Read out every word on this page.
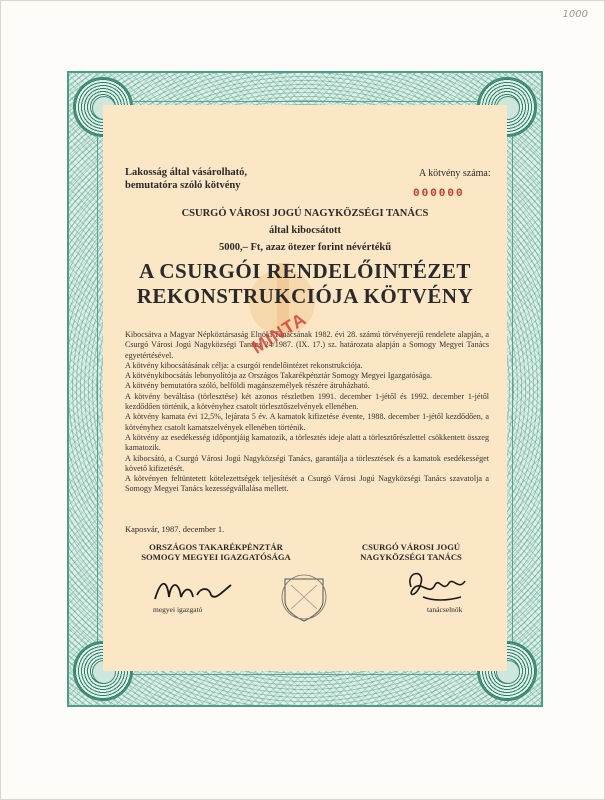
1000
Lakosság által vásárolható,
bemutatóra szóló kötvény
A kötvény száma:
000000
CSURGÓ VÁROSI JOGÚ NAGYKÖZSÉGI TANÁCS
által kibocsátott
5000,– Ft, azaz ötezer forint névértékű
A CSURGÓI RENDELŐINTÉZET
REKONSTRUKCIÓJA KÖTVÉNY

Kibocsátva a Magyar Népköztársaság Elnöki Tanácsának 1982. évi 28. számú törvényerejű rendelete alapján, a Csurgó Városi Jogú Nagyközségi Tanács 24/1987. (IX. 17.) sz. határozata alapján a Somogy Megyei Tanács egyetértésével.

A kötvény kibocsátásának célja: a csurgói rendelőintézet rekonstrukciója.

A kötvénykibocsátás lebonyolítója az Országos Takarékpénztár Somogy Megyei Igazgatósága.

A kötvény bemutatóra szóló, belföldi magánszemélyek részére átruházható.

A kötvény beváltása (törlesztése) két azonos részletben 1991. december 1-jétől és 1992. december 1-jétől kezdődően történik, a kötvényhez csatolt törlesztőszelvények ellenében.

A kötvény kamata évi 12,5%, lejárata 5 év. A kamatok kifizetése évente, 1988. december 1-jétől kezdődően, a kötvényhez csatolt kamatszelvények ellenében történik.

A kötvény az esedékesség időpontjáig kamatozik, a törlesztés ideje alatt a törlesztőrészlettel csökkentett összeg kamatozik.

A kibocsátó, a Csurgó Városi Jogú Nagyközségi Tanács, garantálja a törlesztések és a kamatok esedékességet követő kifizetését.

A kötvényen feltüntetett kötelezettségek teljesítését a Csurgó Városi Jogú Nagyközségi Tanács szavatolja a Somogy Megyei Tanács kezességvállalása mellett.

Kaposvár, 1987. december 1.
ORSZÁGOS TAKARÉKPÉNZTÁR
SOMOGY MEGYEI IGAZGATÓSÁGA
CSURGÓ VÁROSI JOGÚ
NAGYKÖZSÉGI TANÁCS
megyei igazgató	tanácselnök
MINTA
